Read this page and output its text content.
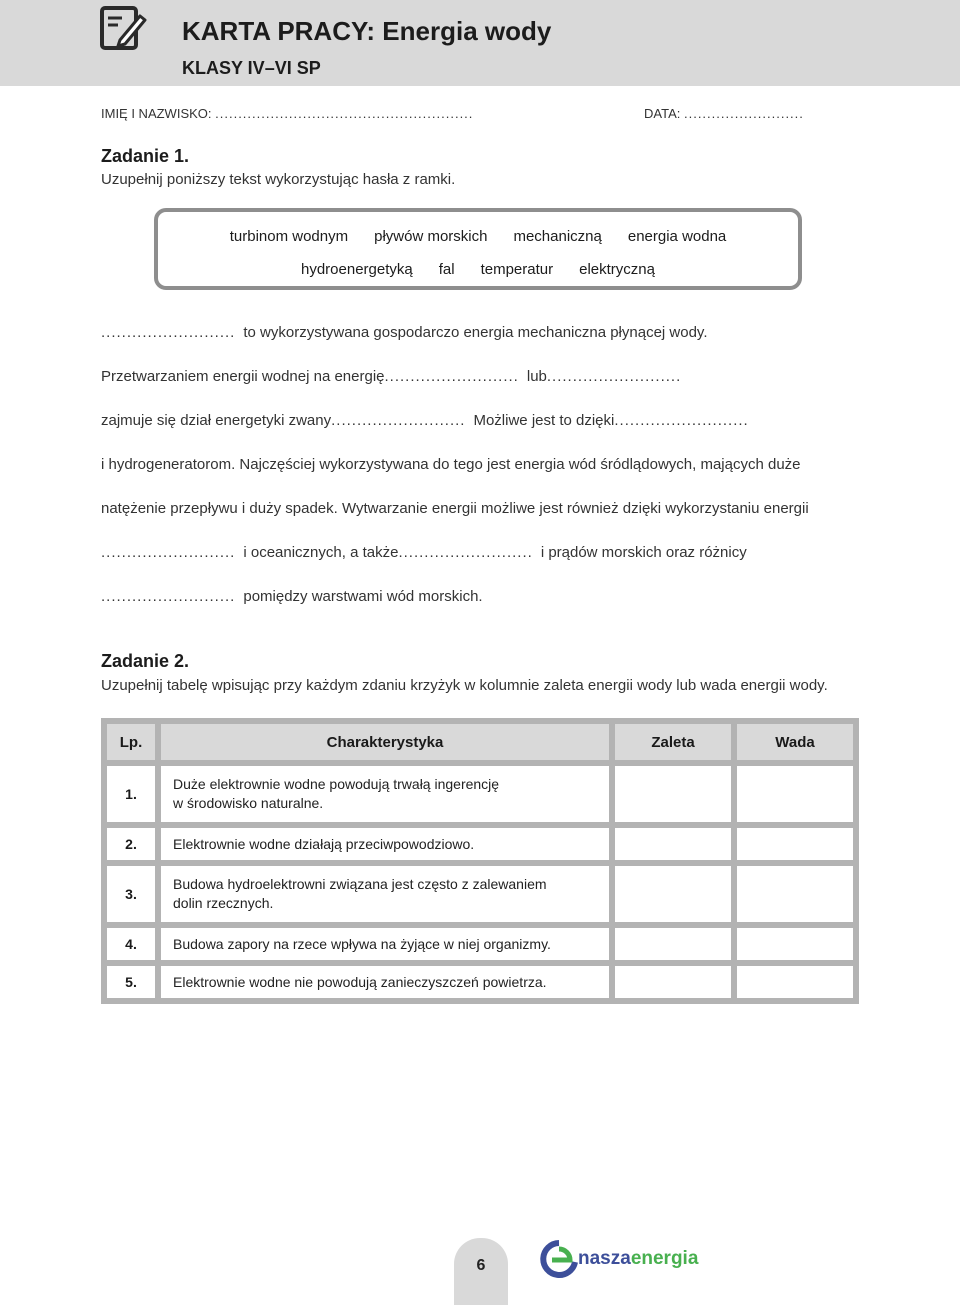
KARTA PRACY: Energia wody
KLASY IV–VI SP
IMIĘ I NAZWISKO: ........................................................	DATA: ..........................
Zadanie 1.
Uzupełnij poniższy tekst wykorzystując hasła z ramki.
turbinom wodnym pływów morskich mechaniczną energia wodna
hydroenergetyką fal temperatur elektryczną
.......................... to wykorzystywana gospodarczo energia mechaniczna płynącej wody.
Przetwarzaniem energii wodnej na energię.......................... lub..........................
zajmuje się dział energetyki zwany.......................... Możliwe jest to dzięki..........................
i hydrogeneratorom. Najczęściej wykorzystywana do tego jest energia wód śródlądowych, mających duże
natężenie przepływu i duży spadek. Wytwarzanie energii możliwe jest również dzięki wykorzystaniu energii
.......................... i oceanicznych, a także.......................... i prądów morskich oraz różnicy
.......................... pomiędzy warstwami wód morskich.
Zadanie 2.
Uzupełnij tabelę wpisując przy każdym zdaniu krzyżyk w kolumnie zaleta energii wody lub wada energii wody.
Lp.	Charakterystyka	Zaleta	Wada
1.	Duże elektrownie wodne powodują trwałą ingerencję
w środowisko naturalne.		
2.	Elektrownie wodne działają przeciwpowodziowo.		
3.	Budowa hydroelektrowni związana jest często z zalewaniem
dolin rzecznych.		
4.	Budowa zapory na rzece wpływa na żyjące w niej organizmy.		
5.	Elektrownie wodne nie powodują zanieczyszczeń powietrza.		
6	naszaenergia
